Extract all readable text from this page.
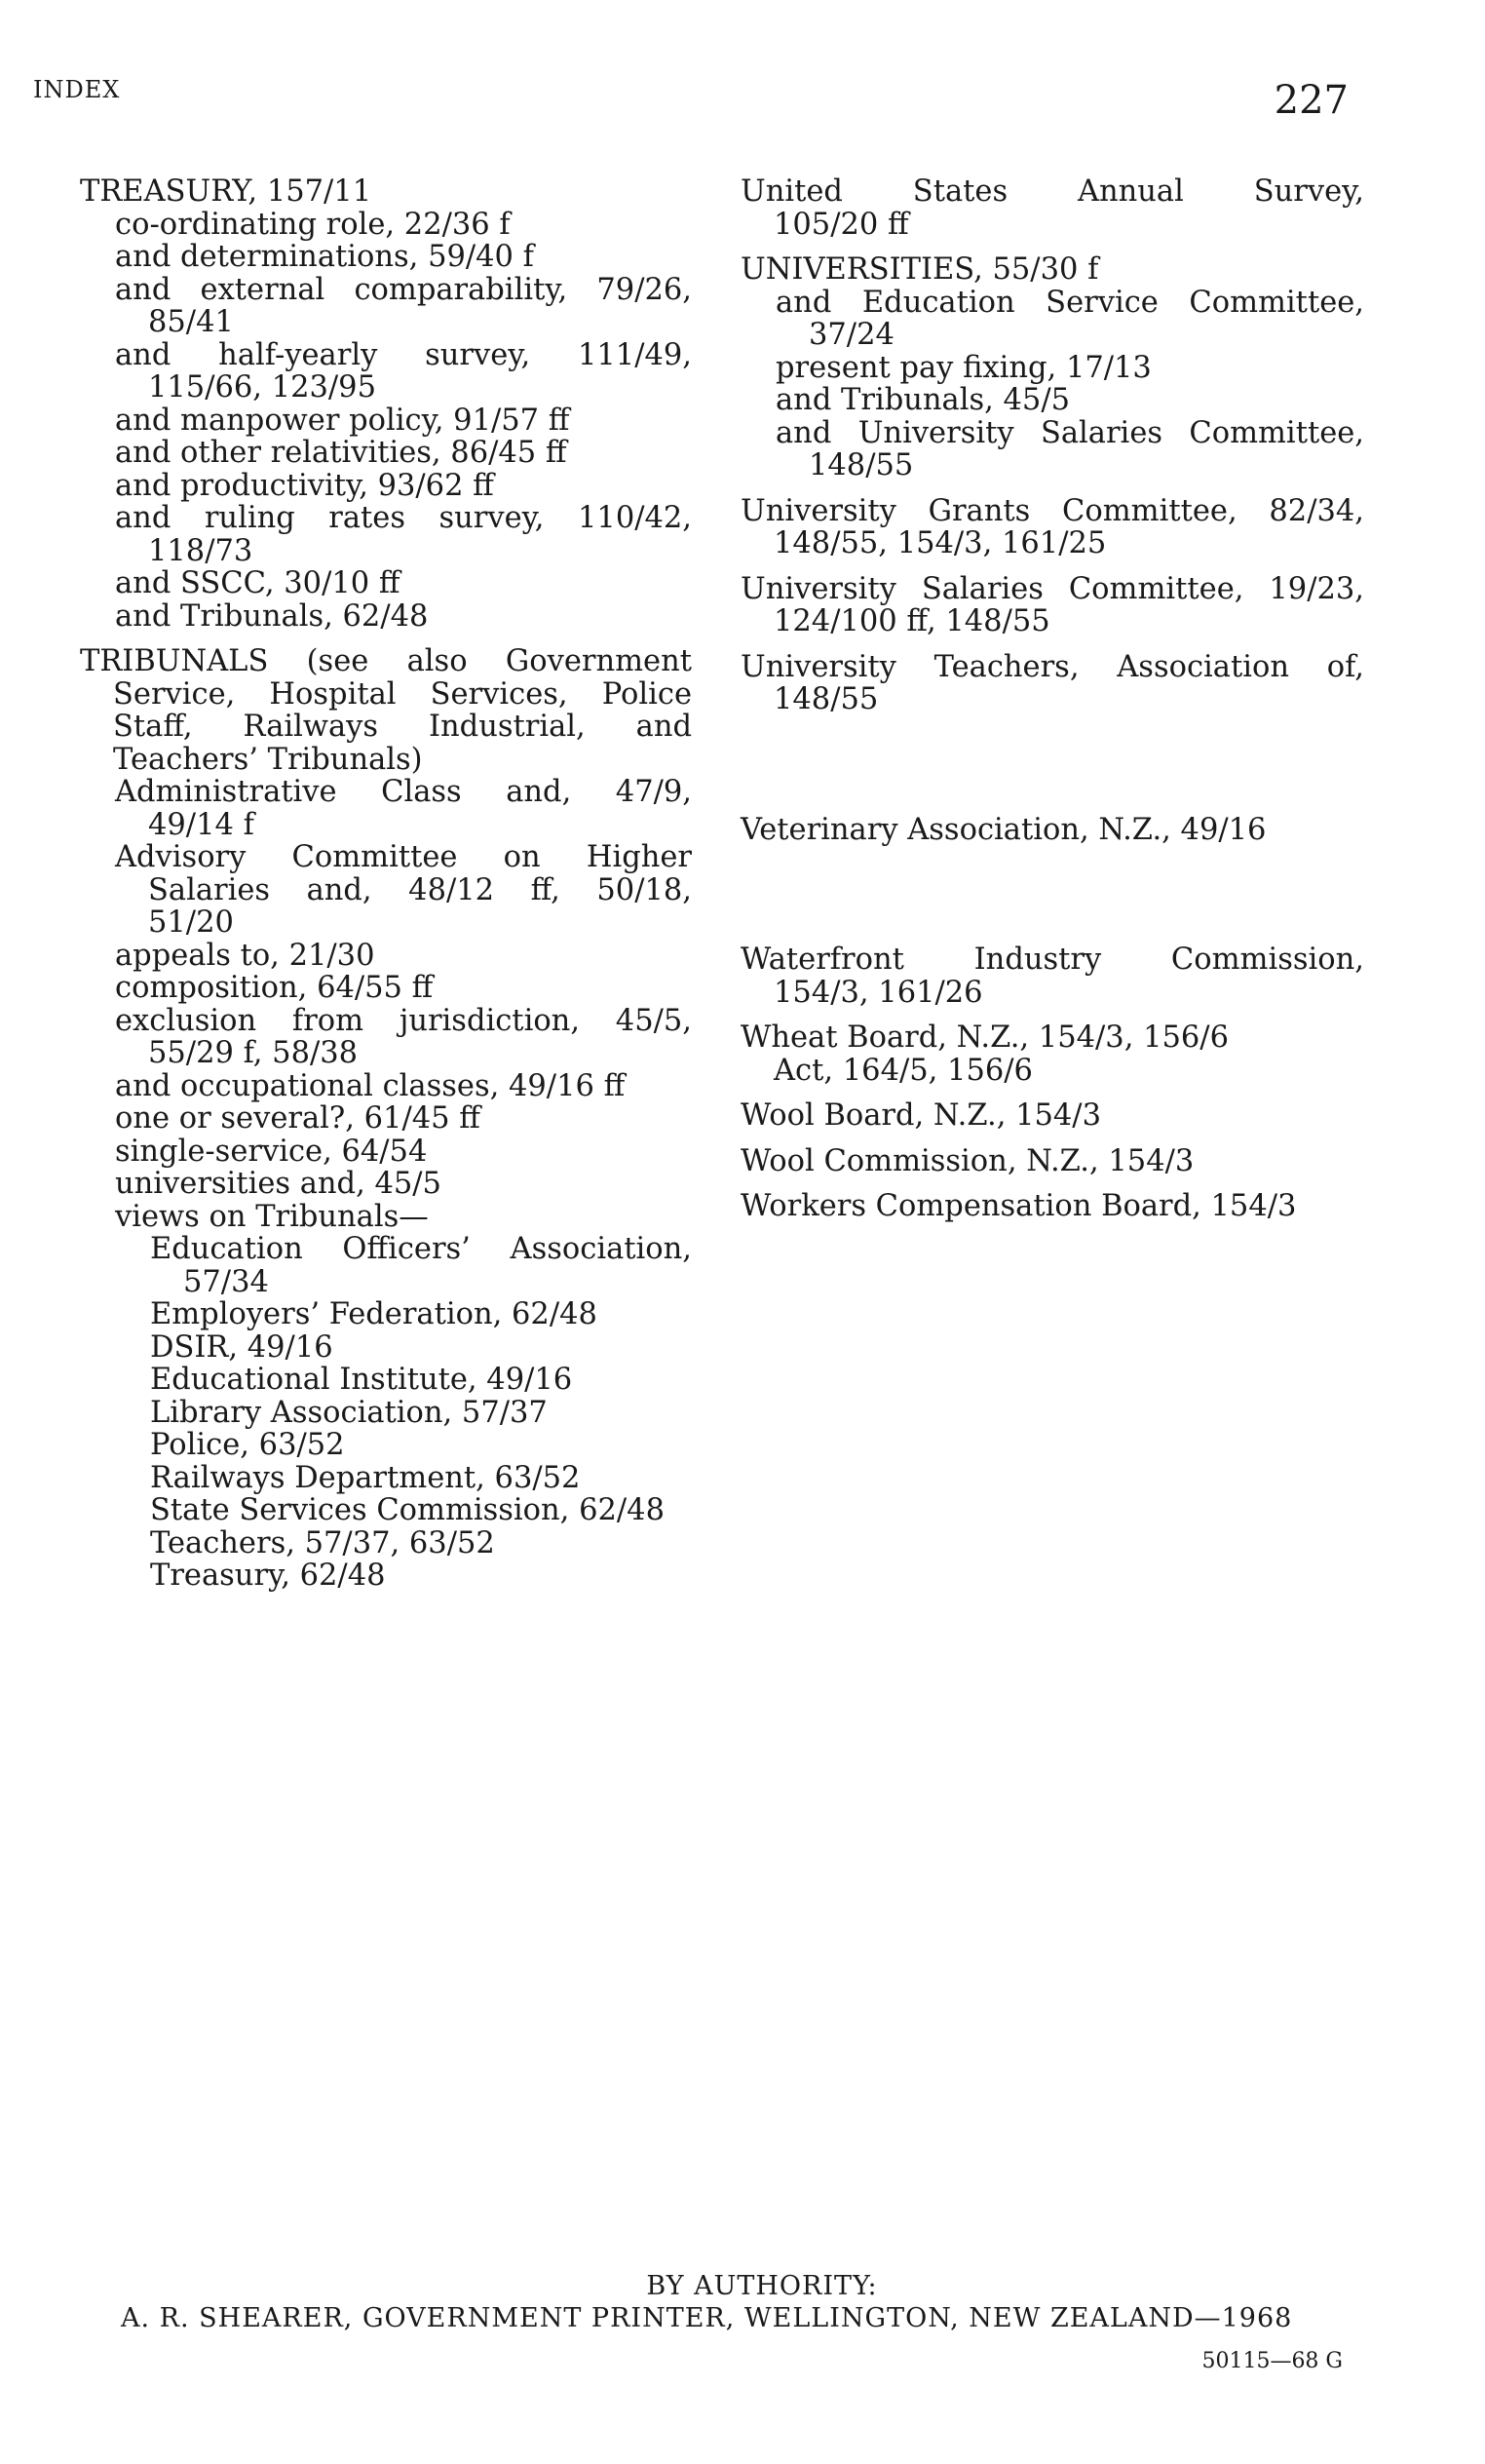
INDEX	227
TREASURY, 157/11
co-ordinating role, 22/36 f
and determinations, 59/40 f
and external comparability, 79/26,
85/41
and half-yearly survey, 111/49,
115/66, 123/95
and manpower policy, 91/57 ff
and other relativities, 86/45 ff
and productivity, 93/62 ff
and ruling rates survey, 110/42,
118/73
and SSCC, 30/10 ff
and Tribunals, 62/48
TRIBUNALS (see also Government
Service, Hospital Services, Police
Staff, Railways Industrial, and
Teachers’ Tribunals)
Administrative Class and, 47/9,
49/14 f
Advisory Committee on Higher
Salaries and, 48/12 ff, 50/18,
51/20
appeals to, 21/30
composition, 64/55 ff
exclusion from jurisdiction, 45/5,
55/29 f, 58/38
and occupational classes, 49/16 ff
one or several?, 61/45 ff
single-service, 64/54
universities and, 45/5
views on Tribunals—
Education Officers’ Association,
57/34
Employers’ Federation, 62/48
DSIR, 49/16
Educational Institute, 49/16
Library Association, 57/37
Police, 63/52
Railways Department, 63/52
State Services Commission, 62/48
Teachers, 57/37, 63/52
Treasury, 62/48
United States Annual Survey,
105/20 ff
UNIVERSITIES, 55/30 f
and Education Service Committee,
37/24
present pay fixing, 17/13
and Tribunals, 45/5
and University Salaries Committee,
148/55
University Grants Committee, 82/34,
148/55, 154/3, 161/25
University Salaries Committee, 19/23,
124/100 ff, 148/55
University Teachers, Association of,
148/55
Veterinary Association, N.Z., 49/16
Waterfront Industry Commission,
154/3, 161/26
Wheat Board, N.Z., 154/3, 156/6
Act, 164/5, 156/6
Wool Board, N.Z., 154/3
Wool Commission, N.Z., 154/3
Workers Compensation Board, 154/3
BY AUTHORITY:
A. R. SHEARER, GOVERNMENT PRINTER, WELLINGTON, NEW ZEALAND—1968
50115—68 G
